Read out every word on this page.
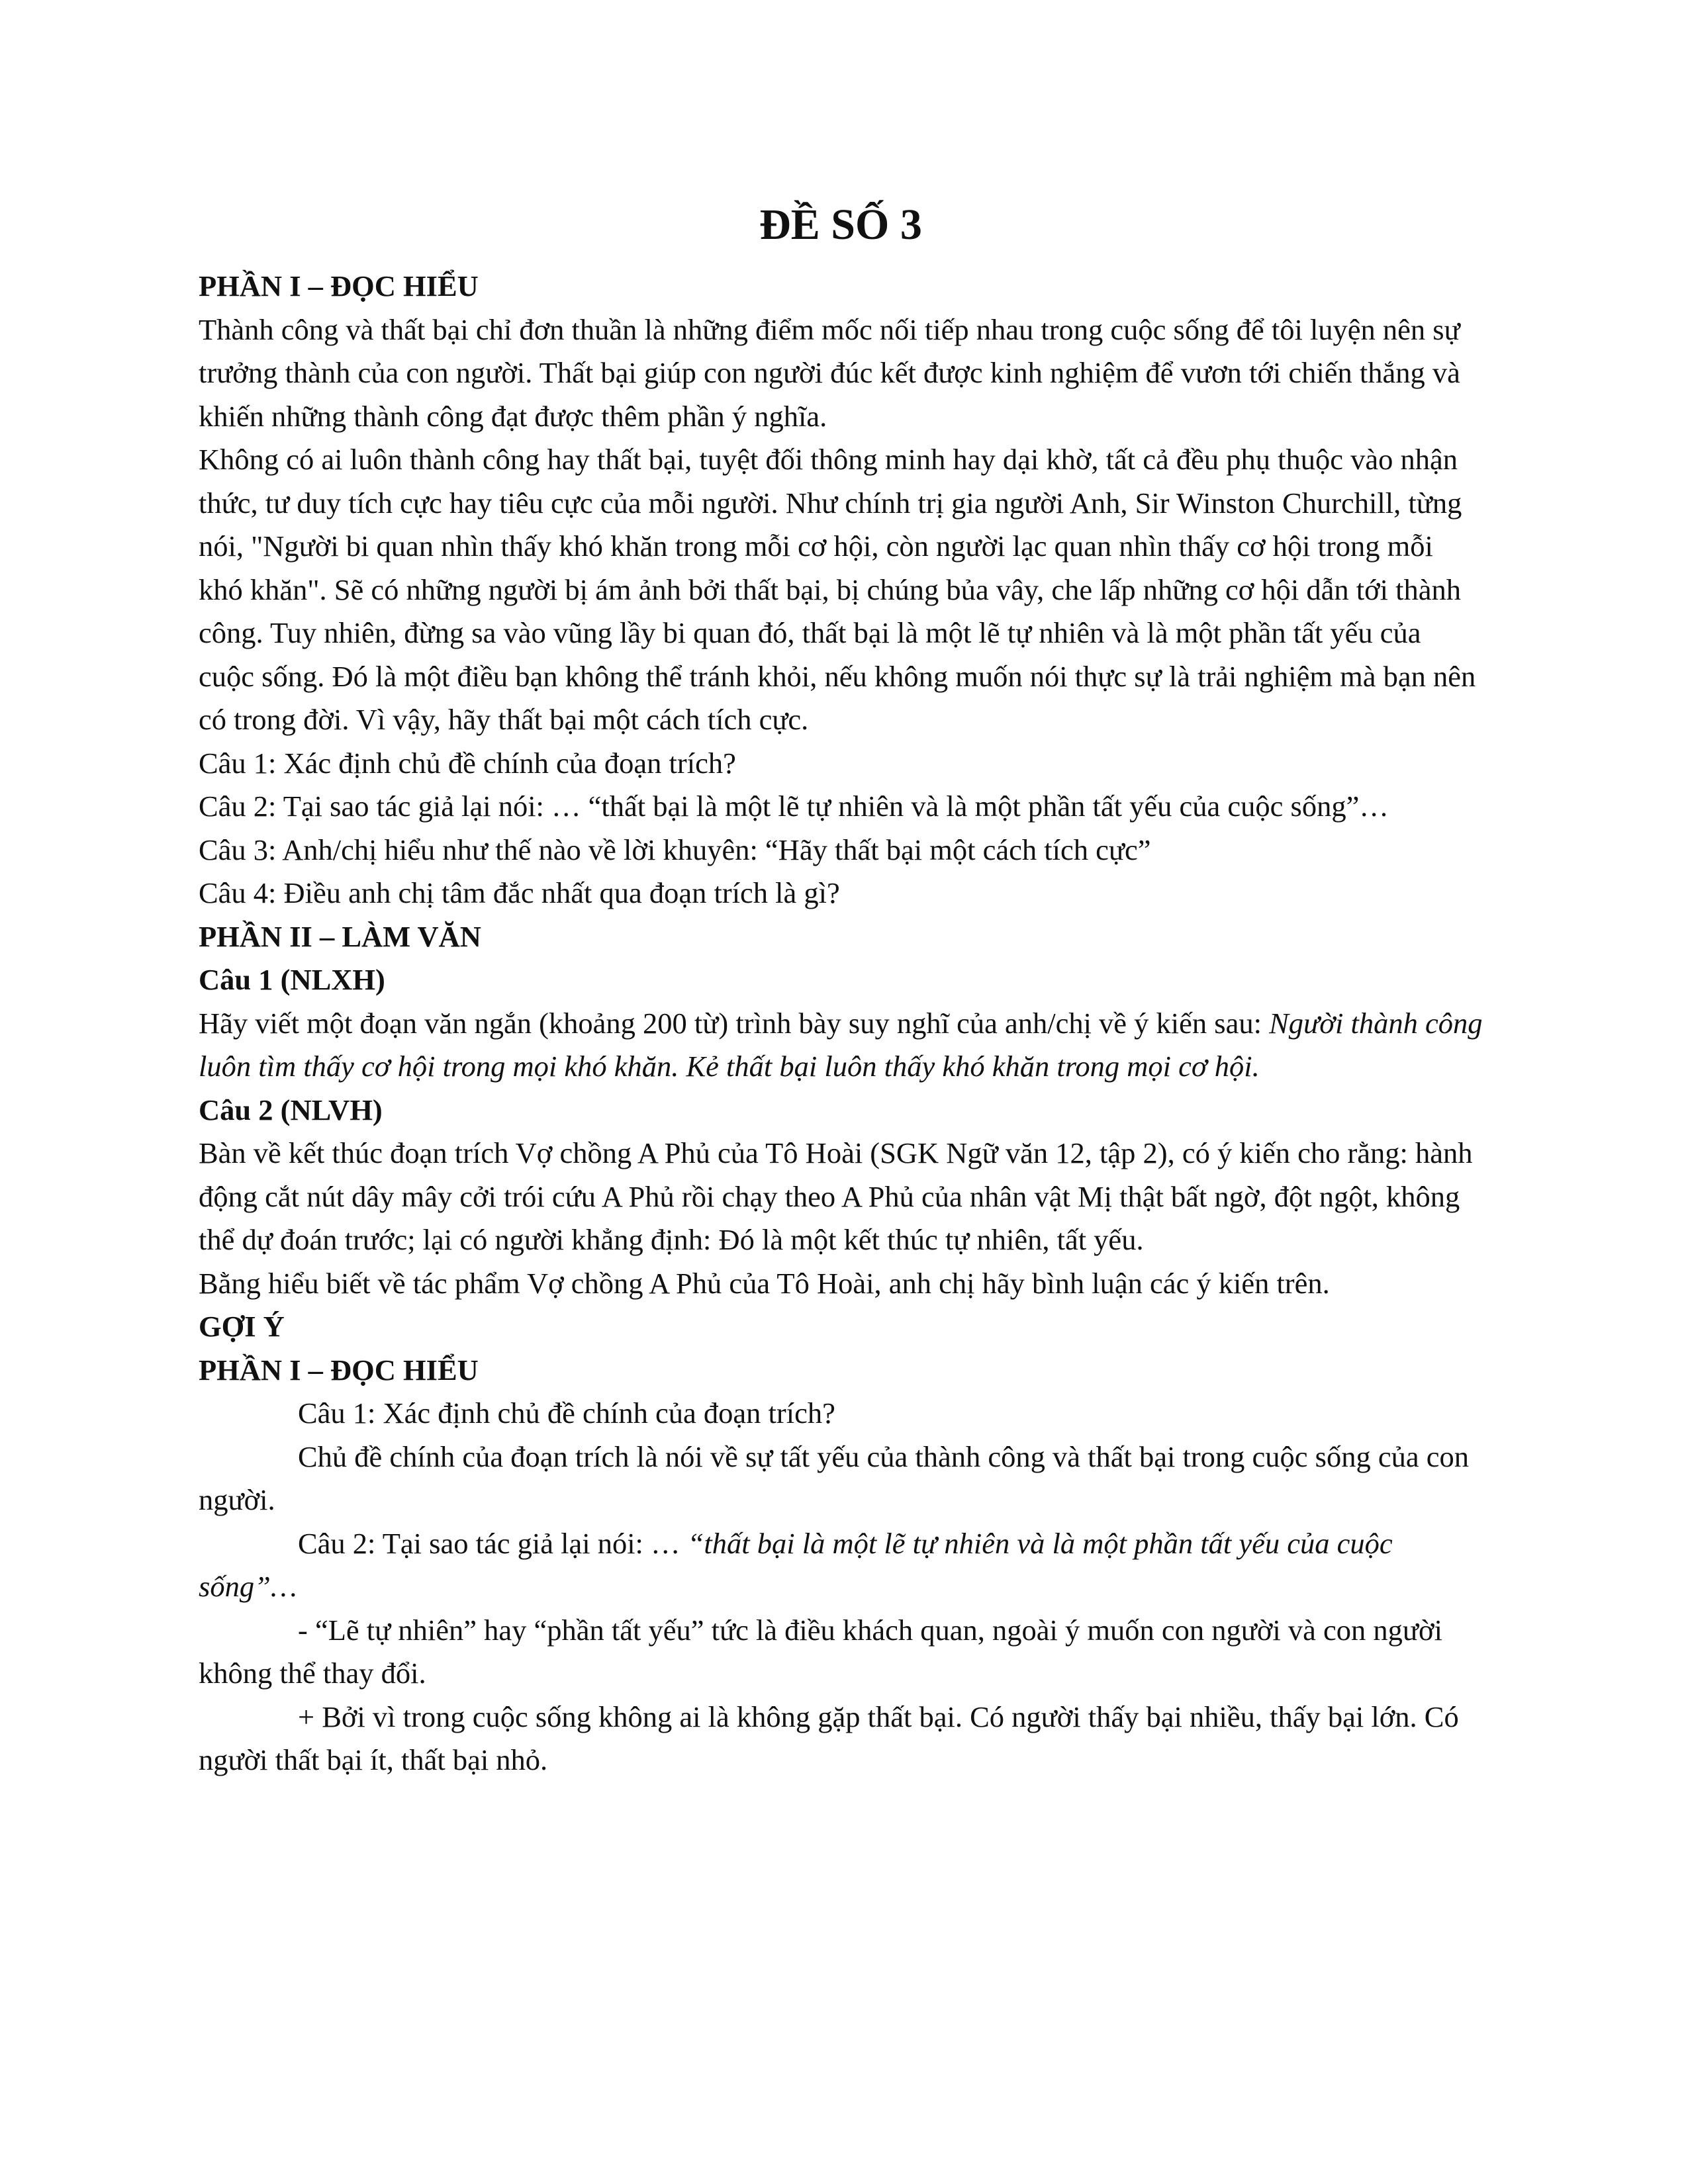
ĐỀ SỐ 3

PHẦN I – ĐỌC HIỂU

Thành công và thất bại chỉ đơn thuần là những điểm mốc nối tiếp nhau trong cuộc sống để tôi luyện nên sự trưởng thành của con người. Thất bại giúp con người đúc kết được kinh nghiệm để vươn tới chiến thắng và khiến những thành công đạt được thêm phần ý nghĩa.

Không có ai luôn thành công hay thất bại, tuyệt đối thông minh hay dại khờ, tất cả đều phụ thuộc vào nhận thức, tư duy tích cực hay tiêu cực của mỗi người. Như chính trị gia người Anh, Sir Winston Churchill, từng nói, "Người bi quan nhìn thấy khó khăn trong mỗi cơ hội, còn người lạc quan nhìn thấy cơ hội trong mỗi khó khăn". Sẽ có những người bị ám ảnh bởi thất bại, bị chúng bủa vây, che lấp những cơ hội dẫn tới thành công. Tuy nhiên, đừng sa vào vũng lầy bi quan đó, thất bại là một lẽ tự nhiên và là một phần tất yếu của cuộc sống. Đó là một điều bạn không thể tránh khỏi, nếu không muốn nói thực sự là trải nghiệm mà bạn nên có trong đời. Vì vậy, hãy thất bại một cách tích cực.

Câu 1: Xác định chủ đề chính của đoạn trích?

Câu 2: Tại sao tác giả lại nói: … “thất bại là một lẽ tự nhiên và là một phần tất yếu của cuộc sống”…

Câu 3: Anh/chị hiểu như thế nào về lời khuyên: “Hãy thất bại một cách tích cực”

Câu 4: Điều anh chị tâm đắc nhất qua đoạn trích là gì?

PHẦN II – LÀM VĂN

Câu 1 (NLXH)

Hãy viết một đoạn văn ngắn (khoảng 200 từ) trình bày suy nghĩ của anh/chị về ý kiến sau: Người thành công luôn tìm thấy cơ hội trong mọi khó khăn. Kẻ thất bại luôn thấy khó khăn trong mọi cơ hội.

Câu 2 (NLVH)

Bàn về kết thúc đoạn trích Vợ chồng A Phủ của Tô Hoài (SGK Ngữ văn 12, tập 2), có ý kiến cho rằng: hành động cắt nút dây mây cởi trói cứu A Phủ rồi chạy theo A Phủ của nhân vật Mị thật bất ngờ, đột ngột, không thể dự đoán trước; lại có người khẳng định: Đó là một kết thúc tự nhiên, tất yếu.

Bằng hiểu biết về tác phẩm Vợ chồng A Phủ của Tô Hoài, anh chị hãy bình luận các ý kiến trên.

GỢI Ý

PHẦN I – ĐỌC HIỂU

Câu 1: Xác định chủ đề chính của đoạn trích?

Chủ đề chính của đoạn trích là nói về sự tất yếu của thành công và thất bại trong cuộc sống của con người.

Câu 2: Tại sao tác giả lại nói: … “thất bại là một lẽ tự nhiên và là một phần tất yếu của cuộc sống”…

- “Lẽ tự nhiên” hay “phần tất yếu” tức là điều khách quan, ngoài ý muốn con người và con người không thể thay đổi.

+ Bởi vì trong cuộc sống không ai là không gặp thất bại. Có người thấy bại nhiều, thấy bại lớn. Có người thất bại ít, thất bại nhỏ.
